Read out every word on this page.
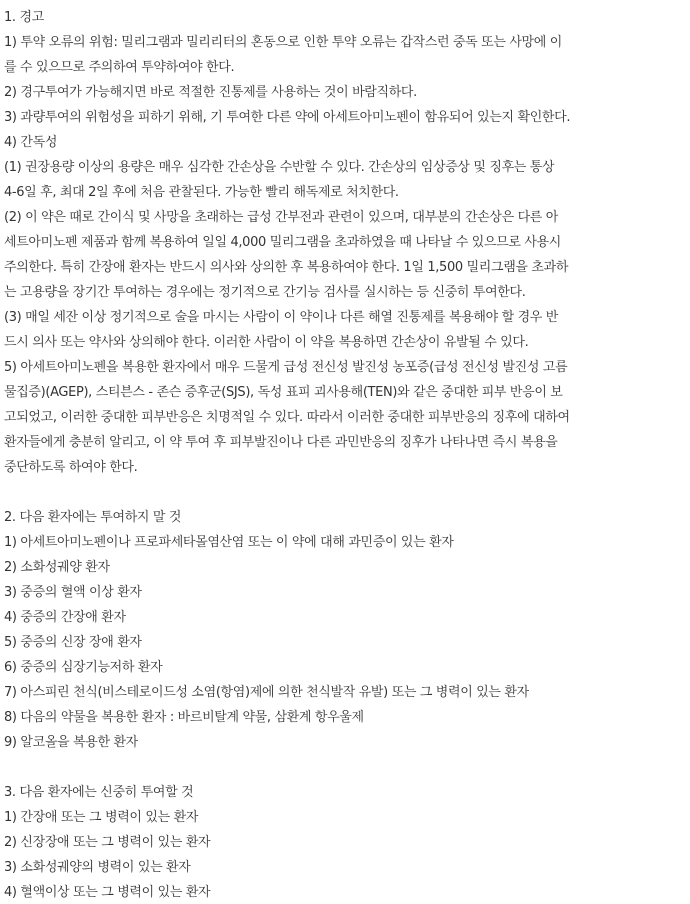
1. 경고
1) 투약 오류의 위험: 밀리그램과 밀리리터의 혼동으로 인한 투약 오류는 갑작스런 중독 또는 사망에 이
를 수 있으므로 주의하여 투약하여야 한다.
2) 경구투여가 가능해지면 바로 적절한 진통제를 사용하는 것이 바람직하다.
3) 과량투여의 위험성을 피하기 위해, 기 투여한 다른 약에 아세트아미노펜이 함유되어 있는지 확인한다.
4) 간독성
(1) 권장용량 이상의 용량은 매우 심각한 간손상을 수반할 수 있다. 간손상의 임상증상 및 징후는 통상
4-6일 후, 최대 2일 후에 처음 관찰된다. 가능한 빨리 해독제로 처치한다.
(2) 이 약은 때로 간이식 및 사망을 초래하는 급성 간부전과 관련이 있으며, 대부분의 간손상은 다른 아
세트아미노펜 제품과 함께 복용하여 일일 4,000 밀리그램을 초과하였을 때 나타날 수 있으므로 사용시
주의한다. 특히 간장애 환자는 반드시 의사와 상의한 후 복용하여야 한다. 1일 1,500 밀리그램을 초과하
는 고용량을 장기간 투여하는 경우에는 정기적으로 간기능 검사를 실시하는 등 신중히 투여한다.
(3) 매일 세잔 이상 정기적으로 술을 마시는 사람이 이 약이나 다른 해열 진통제를 복용해야 할 경우 반
드시 의사 또는 약사와 상의해야 한다. 이러한 사람이 이 약을 복용하면 간손상이 유발될 수 있다.
5) 아세트아미노펜을 복용한 환자에서 매우 드물게 급성 전신성 발진성 농포증(급성 전신성 발진성 고름
물집증)(AGEP), 스티븐스 - 존슨 증후군(SJS), 독성 표피 괴사용해(TEN)와 같은 중대한 피부 반응이 보
고되었고, 이러한 중대한 피부반응은 치명적일 수 있다. 따라서 이러한 중대한 피부반응의 징후에 대하여
환자들에게 충분히 알리고, 이 약 투여 후 피부발진이나 다른 과민반응의 징후가 나타나면 즉시 복용을
중단하도록 하여야 한다.
2. 다음 환자에는 투여하지 말 것
1) 아세트아미노펜이나 프로파세타몰염산염 또는 이 약에 대해 과민증이 있는 환자
2) 소화성궤양 환자
3) 중증의 혈액 이상 환자
4) 중증의 간장애 환자
5) 중증의 신장 장애 환자
6) 중증의 심장기능저하 환자
7) 아스피린 천식(비스테로이드성 소염(항염)제에 의한 천식발작 유발) 또는 그 병력이 있는 환자
8) 다음의 약물을 복용한 환자 : 바르비탈계 약물, 삼환계 항우울제
9) 알코올을 복용한 환자
3. 다음 환자에는 신중히 투여할 것
1) 간장애 또는 그 병력이 있는 환자
2) 신장장애 또는 그 병력이 있는 환자
3) 소화성궤양의 병력이 있는 환자
4) 혈액이상 또는 그 병력이 있는 환자
